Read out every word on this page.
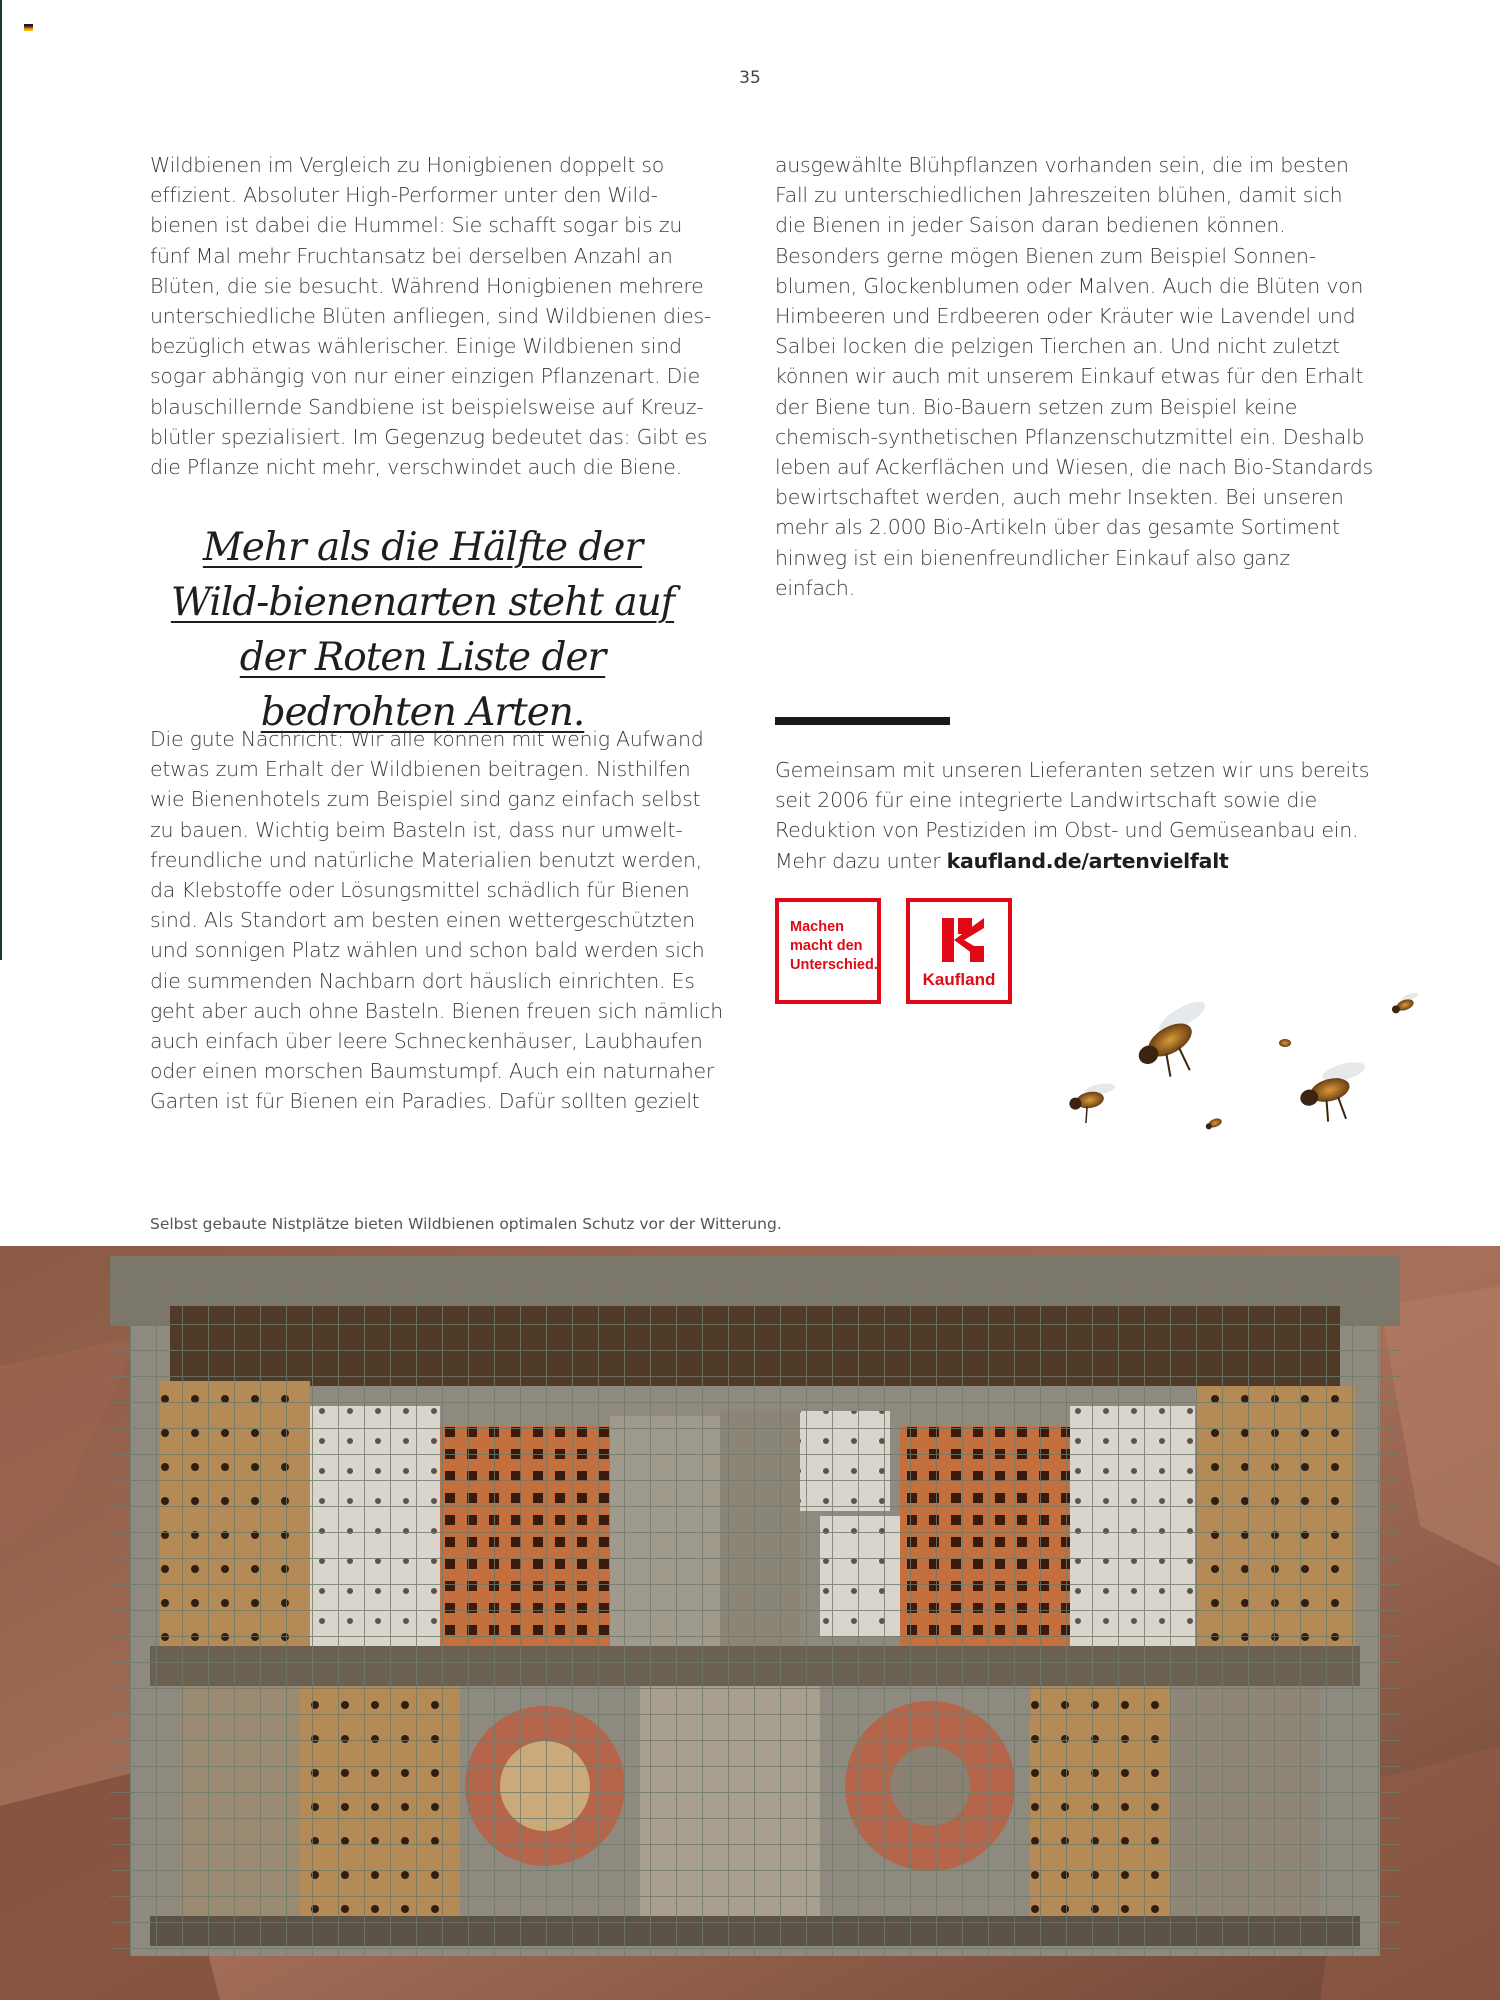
35

Wildbienen im Vergleich zu Honigbienen doppelt so effizient. Absoluter High-Performer unter den Wild-bienen ist dabei die Hummel: Sie schafft sogar bis zu fünf Mal mehr Fruchtansatz bei derselben Anzahl an Blüten, die sie besucht. Während Honigbienen mehrere unterschiedliche Blüten anfliegen, sind Wildbienen dies-bezüglich etwas wählerischer. Einige Wildbienen sind sogar abhängig von nur einer einzigen Pflanzenart. Die blauschillernde Sandbiene ist beispielsweise auf Kreuz-blütler spezialisiert. Im Gegenzug bedeutet das: Gibt es die Pflanze nicht mehr, verschwindet auch die Biene.

Mehr als die Hälfte der Wild-bienenarten steht auf der Roten Liste der bedrohten Arten.

Die gute Nachricht: Wir alle können mit wenig Aufwand etwas zum Erhalt der Wildbienen beitragen. Nisthilfen wie Bienenhotels zum Beispiel sind ganz einfach selbst zu bauen. Wichtig beim Basteln ist, dass nur umwelt-freundliche und natürliche Materialien benutzt werden, da Klebstoffe oder Lösungsmittel schädlich für Bienen sind. Als Standort am besten einen wettergeschützten und sonnigen Platz wählen und schon bald werden sich die summenden Nachbarn dort häuslich einrichten. Es geht aber auch ohne Basteln. Bienen freuen sich nämlich auch einfach über leere Schneckenhäuser, Laubhaufen oder einen morschen Baumstumpf. Auch ein naturnaher Garten ist für Bienen ein Paradies. Dafür sollten gezielt

ausgewählte Blühpflanzen vorhanden sein, die im besten Fall zu unterschiedlichen Jahreszeiten blühen, damit sich die Bienen in jeder Saison daran bedienen können. Besonders gerne mögen Bienen zum Beispiel Sonnen-blumen, Glockenblumen oder Malven. Auch die Blüten von Himbeeren und Erdbeeren oder Kräuter wie Lavendel und Salbei locken die pelzigen Tierchen an. Und nicht zuletzt können wir auch mit unserem Einkauf etwas für den Erhalt der Biene tun. Bio-Bauern setzen zum Beispiel keine chemisch-synthetischen Pflanzenschutzmittel ein. Deshalb leben auf Ackerflächen und Wiesen, die nach Bio-Standards bewirtschaftet werden, auch mehr Insekten. Bei unseren mehr als 2.000 Bio-Artikeln über das gesamte Sortiment hinweg ist ein bienenfreundlicher Einkauf also ganz einfach.

Gemeinsam mit unseren Lieferanten setzen wir uns bereits seit 2006 für eine integrierte Landwirtschaft sowie die Reduktion von Pestiziden im Obst- und Gemüseanbau ein. Mehr dazu unter kaufland.de/artenvielfalt

Machen macht den Unterschied.
Kaufland
Selbst gebaute Nistplätze bieten Wildbienen optimalen Schutz vor der Witterung.
